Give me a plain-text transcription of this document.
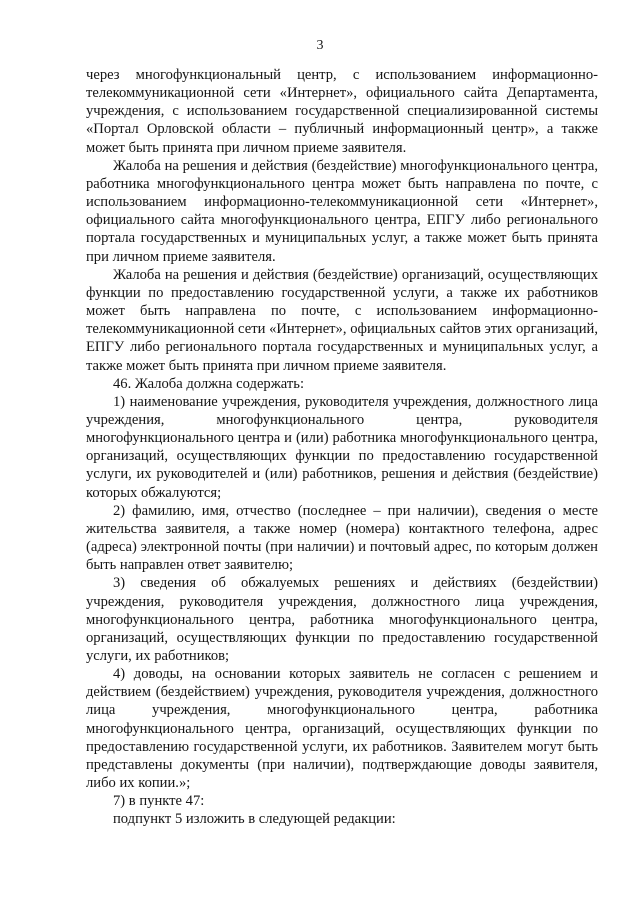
3

через многофункциональный центр, с использованием информационно-телекоммуникационной сети «Интернет», официального сайта Департамента, учреждения, с использованием государственной специализированной системы «Портал Орловской области – публичный информационный центр», а также может быть принята при личном приеме заявителя.

Жалоба на решения и действия (бездействие) многофункционального центра, работника многофункционального центра может быть направлена по почте, с использованием информационно-телекоммуникационной сети «Интернет», официального сайта многофункционального центра, ЕПГУ либо регионального портала государственных и муниципальных услуг, а также может быть принята при личном приеме заявителя.

Жалоба на решения и действия (бездействие) организаций, осуществляющих функции по предоставлению государственной услуги, а также их работников может быть направлена по почте, с использованием информационно-телекоммуникационной сети «Интернет», официальных сайтов этих организаций, ЕПГУ либо регионального портала государственных и муниципальных услуг, а также может быть принята при личном приеме заявителя.

46. Жалоба должна содержать:

1) наименование учреждения, руководителя учреждения, должностного лица учреждения, многофункционального центра, руководителя многофункционального центра и (или) работника многофункционального центра, организаций, осуществляющих функции по предоставлению государственной услуги, их руководителей и (или) работников, решения и действия (бездействие) которых обжалуются;

2) фамилию, имя, отчество (последнее – при наличии), сведения о месте жительства заявителя, а также номер (номера) контактного телефона, адрес (адреса) электронной почты (при наличии) и почтовый адрес, по которым должен быть направлен ответ заявителю;

3) сведения об обжалуемых решениях и действиях (бездействии) учреждения, руководителя учреждения, должностного лица учреждения, многофункционального центра, работника многофункционального центра, организаций, осуществляющих функции по предоставлению государственной услуги, их работников;

4) доводы, на основании которых заявитель не согласен с решением и действием (бездействием) учреждения, руководителя учреждения, должностного лица учреждения, многофункционального центра, работника многофункционального центра, организаций, осуществляющих функции по предоставлению государственной услуги, их работников. Заявителем могут быть представлены документы (при наличии), подтверждающие доводы заявителя, либо их копии.»;

7) в пункте 47:

подпункт 5 изложить в следующей редакции:
